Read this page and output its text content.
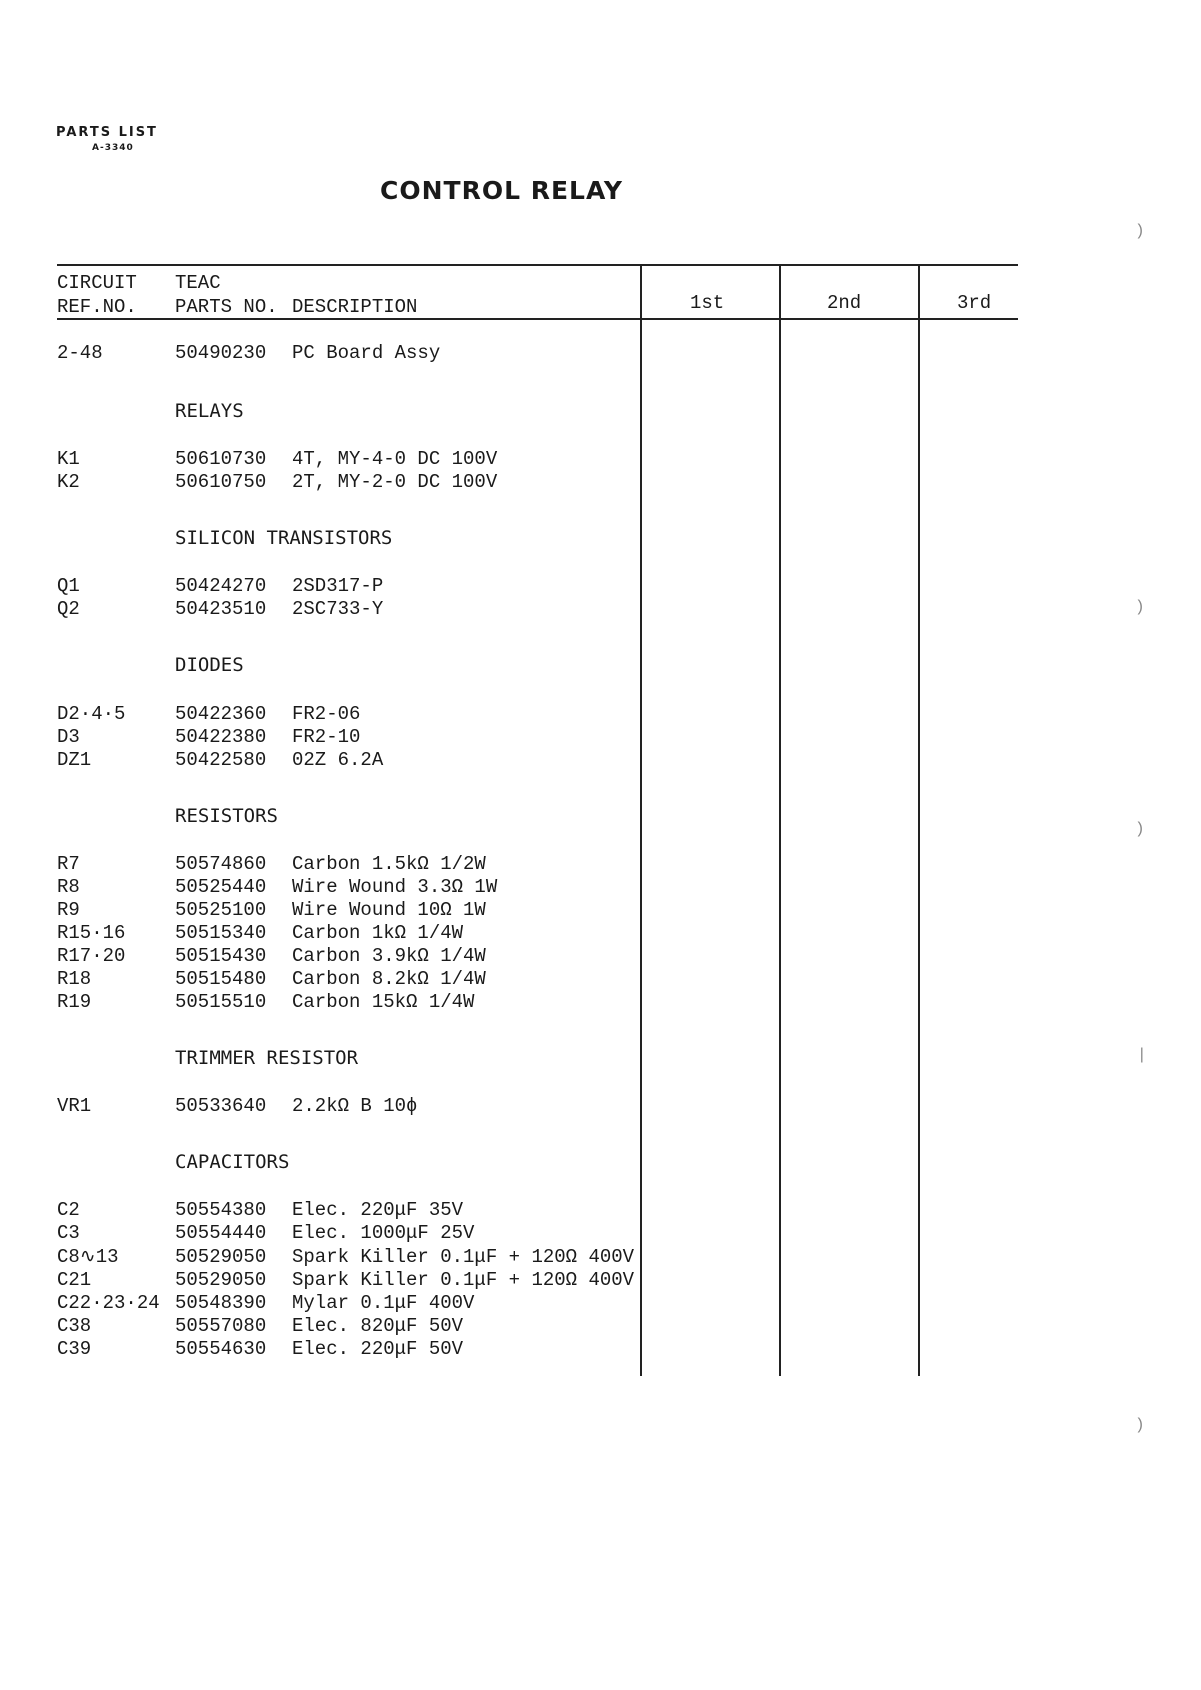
PARTS LIST
A-3340
CONTROL RELAY
CIRCUIT
REF.NO.
TEAC
PARTS NO. DESCRIPTION	1st	2nd	3rd
2-48	50490230 PC Board Assy
RELAYS
K1	50610730 4T, MY-4-0 DC 100V
K2	50610750 2T, MY-2-0 DC 100V
SILICON TRANSISTORS
Q1	50424270 2SD317-P
Q2	50423510 2SC733-Y
DIODES
D2·4·5	50422360 FR2-06
D3	50422380 FR2-10
DZ1	50422580 02Z 6.2A
RESISTORS
R7	50574860 Carbon 1.5kΩ 1/2W
R8	50525440 Wire Wound 3.3Ω 1W
R9	50525100 Wire Wound 10Ω 1W
R15·16	50515340 Carbon 1kΩ 1/4W
R17·20	50515430 Carbon 3.9kΩ 1/4W
R18	50515480 Carbon 8.2kΩ 1/4W
R19	50515510 Carbon 15kΩ 1/4W
TRIMMER RESISTOR
VR1	50533640 2.2kΩ B 10ϕ
CAPACITORS
C2	50554380 Elec. 220μF 35V
C3	50554440 Elec. 1000μF 25V
C8∿13	50529050 Spark Killer 0.1μF + 120Ω 400V
C21	50529050 Spark Killer 0.1μF + 120Ω 400V
C22·23·24 50548390 Mylar 0.1μF 400V
C38	50557080 Elec. 820μF 50V
C39	50554630 Elec. 220μF 50V
)
)
)
|
)
